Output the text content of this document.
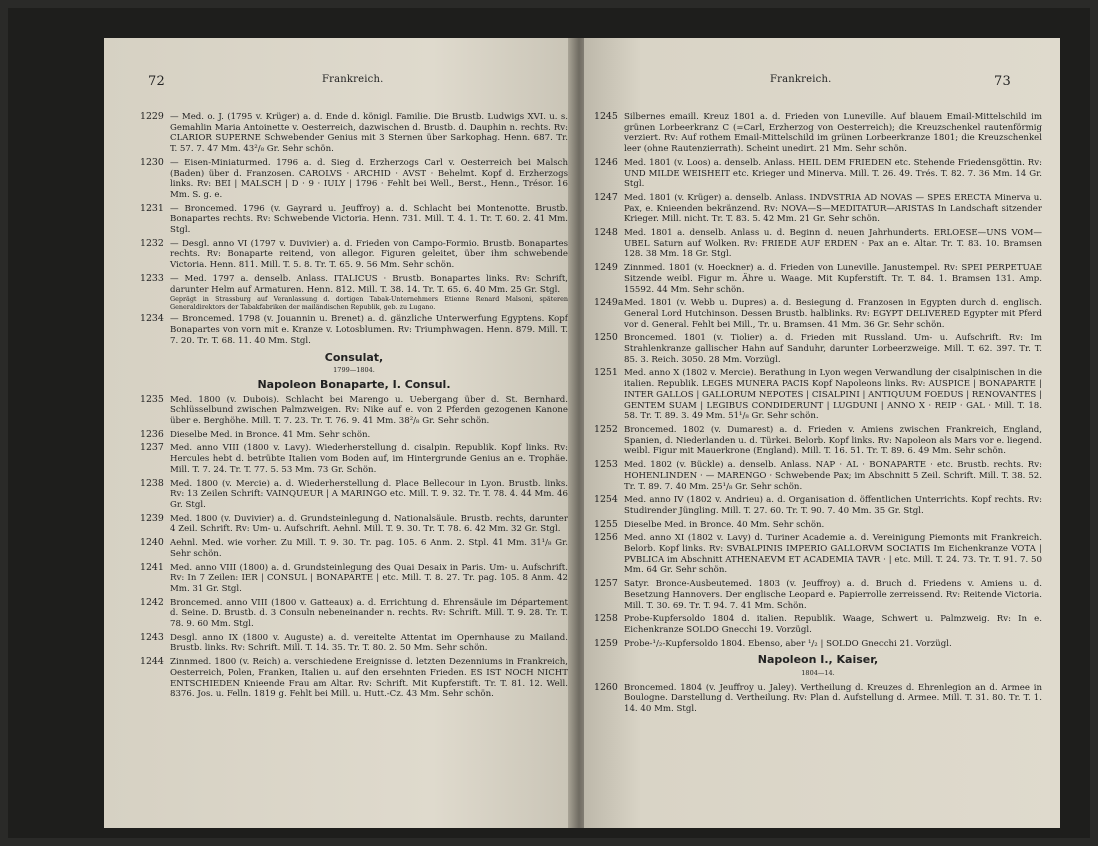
72	Frankreich.
1229 — Med. o. J. (1795 v. Krüger) a. d. Ende d. königl. Familie. Die Brustb. Ludwigs XVI. u. s. Gemahlin Maria Antoinette v. Oesterreich, dazwischen d. Brustb. d. Dauphin n. rechts. Rv: CLARIOR SUPERNE Schwebender Genius mit 3 Sternen über Sarkophag. Henn. 687. Tr. T. 57. 7. 47 Mm. 43²/₈ Gr. Sehr schön.
1230 — Eisen-Miniaturmed. 1796 a. d. Sieg d. Erzherzogs Carl v. Oesterreich bei Malsch (Baden) über d. Franzosen. CAROLVS · ARCHID · AVST · Behelmt. Kopf d. Erzherzogs links. Rv: BEI | MALSCH | D · 9 · IULY | 1796 · Fehlt bei Well., Berst., Henn., Trésor. 16 Mm. S. g. e.
1231 — Broncemed. 1796 (v. Gayrard u. Jeuffroy) a. d. Schlacht bei Montenotte. Brustb. Bonapartes rechts. Rv: Schwebende Victoria. Henn. 731. Mill. T. 4. 1. Tr. T. 60. 2. 41 Mm. Stgl.
1232 — Desgl. anno VI (1797 v. Duvivier) a. d. Frieden von Campo-Formio. Brustb. Bonapartes rechts. Rv: Bonaparte reitend, von allegor. Figuren geleitet, über ihm schwebende Victoria. Henn. 811. Mill. T. 5. 8. Tr. T. 65. 9. 56 Mm. Sehr schön.
1233 — Med. 1797 a. denselb. Anlass. ITALICUS · Brustb. Bonapartes links. Rv: Schrift, darunter Helm auf Armaturen. Henn. 812. Mill. T. 38. 14. Tr. T. 65. 6. 40 Mm. 25 Gr. Stgl.
Geprägt in Strassburg auf Veranlassung d. dortigen Tabak-Unternehmers Etienne Renard Malsoni, späteren Generaldirektors der Tabakfabriken der mailändischen Republik, geb. zu Lugano.
1234 — Broncemed. 1798 (v. Jouannin u. Brenet) a. d. gänzliche Unterwerfung Egyptens. Kopf Bonapartes von vorn mit e. Kranze v. Lotosblumen. Rv: Triumphwagen. Henn. 879. Mill. T. 7. 20. Tr. T. 68. 11. 40 Mm. Stgl.
Consulat,
1799—1804.
Napoleon Bonaparte, I. Consul.
1235 Med. 1800 (v. Dubois). Schlacht bei Marengo u. Uebergang über d. St. Bernhard. Schlüsselbund zwischen Palmzweigen. Rv: Nike auf e. von 2 Pferden gezogenen Kanone über e. Berghöhe. Mill. T. 7. 23. Tr. T. 76. 9. 41 Mm. 38²/₈ Gr. Sehr schön.
1236 Dieselbe Med. in Bronce. 41 Mm. Sehr schön.
1237 Med. anno VIII (1800 v. Lavy). Wiederherstellung d. cisalpin. Republik. Kopf links. Rv: Hercules hebt d. betrübte Italien vom Boden auf, im Hintergrunde Genius an e. Trophäe. Mill. T. 7. 24. Tr. T. 77. 5. 53 Mm. 73 Gr. Schön.
1238 Med. 1800 (v. Mercie) a. d. Wiederherstellung d. Place Bellecour in Lyon. Brustb. links. Rv: 13 Zeilen Schrift: VAINQUEUR | A MARINGO etc. Mill. T. 9. 32. Tr. T. 78. 4. 44 Mm. 46 Gr. Stgl.
1239 Med. 1800 (v. Duvivier) a. d. Grundsteinlegung d. Nationalsäule. Brustb. rechts, darunter 4 Zeil. Schrift. Rv: Um- u. Aufschrift. Aehnl. Mill. T. 9. 30. Tr. T. 78. 6. 42 Mm. 32 Gr. Stgl.
1240 Aehnl. Med. wie vorher. Zu Mill. T. 9. 30. Tr. pag. 105. 6 Anm. 2. Stpl. 41 Mm. 31¹/₈ Gr. Sehr schön.
1241 Med. anno VIII (1800) a. d. Grundsteinlegung des Quai Desaix in Paris. Um- u. Aufschrift. Rv: In 7 Zeilen: IER | CONSUL | BONAPARTE | etc. Mill. T. 8. 27. Tr. pag. 105. 8 Anm. 42 Mm. 31 Gr. Stgl.
1242 Broncemed. anno VIII (1800 v. Gatteaux) a. d. Errichtung d. Ehrensäule im Département d. Seine. D. Brustb. d. 3 Consuln nebeneinander n. rechts. Rv: Schrift. Mill. T. 9. 28. Tr. T. 78. 9. 60 Mm. Stgl.
1243 Desgl. anno IX (1800 v. Auguste) a. d. vereitelte Attentat im Opernhause zu Mailand. Brustb. links. Rv: Schrift. Mill. T. 14. 35. Tr. T. 80. 2. 50 Mm. Sehr schön.
1244 Zinnmed. 1800 (v. Reich) a. verschiedene Ereignisse d. letzten Dezenniums in Frankreich, Oesterreich, Polen, Franken, Italien u. auf den ersehnten Frieden. ES IST NOCH NICHT ENTSCHIEDEN Knieende Frau am Altar. Rv: Schrift. Mit Kupferstift. Tr. T. 81. 12. Well. 8376. Jos. u. Felln. 1819 g. Fehlt bei Mill. u. Hutt.-Cz. 43 Mm. Sehr schön.
Frankreich.	73
1245 Silbernes emaill. Kreuz 1801 a. d. Frieden von Luneville. Auf blauem Email-Mittelschild im grünen Lorbeerkranz C (=Carl, Erzherzog von Oesterreich); die Kreuzschenkel rautenförmig verziert. Rv: Auf rothem Email-Mittelschild im grünen Lorbeerkranze 1801; die Kreuzschenkel leer (ohne Rautenzierrath). Scheint unedirt. 21 Mm. Sehr schön.
1246 Med. 1801 (v. Loos) a. denselb. Anlass. HEIL DEM FRIEDEN etc. Stehende Friedensgöttin. Rv: UND MILDE WEISHEIT etc. Krieger und Minerva. Mill. T. 26. 49. Trés. T. 82. 7. 36 Mm. 14 Gr. Stgl.
1247 Med. 1801 (v. Krüger) a. denselb. Anlass. INDVSTRIA AD NOVAS — SPES ERECTA Minerva u. Pax, e. Knieenden bekränzend. Rv: NOVA—S—MEDITATUR—ARISTAS In Landschaft sitzender Krieger. Mill. nicht. Tr. T. 83. 5. 42 Mm. 21 Gr. Sehr schön.
1248 Med. 1801 a. denselb. Anlass u. d. Beginn d. neuen Jahrhunderts. ERLOESE—UNS VOM—UBEL Saturn auf Wolken. Rv: FRIEDE AUF ERDEN · Pax an e. Altar. Tr. T. 83. 10. Bramsen 128. 38 Mm. 18 Gr. Stgl.
1249 Zinnmed. 1801 (v. Hoeckner) a. d. Frieden von Luneville. Janustempel. Rv: SPEI PERPETUAE Sitzende weibl. Figur m. Ähre u. Waage. Mit Kupferstift. Tr. T. 84. 1. Bramsen 131. Amp. 15592. 44 Mm. Sehr schön.
1249a Med. 1801 (v. Webb u. Dupres) a. d. Besiegung d. Franzosen in Egypten durch d. englisch. General Lord Hutchinson. Dessen Brustb. halblinks. Rv: EGYPT DELIVERED Egypter mit Pferd vor d. General. Fehlt bei Mill., Tr. u. Bramsen. 41 Mm. 36 Gr. Sehr schön.
1250 Broncemed. 1801 (v. Tiolier) a. d. Frieden mit Russland. Um- u. Aufschrift. Rv: Im Strahlenkranze gallischer Hahn auf Sanduhr, darunter Lorbeerzweige. Mill. T. 62. 397. Tr. T. 85. 3. Reich. 3050. 28 Mm. Vorzügl.
1251 Med. anno X (1802 v. Mercie). Berathung in Lyon wegen Verwandlung der cisalpinischen in die italien. Republik. LEGES MUNERA PACIS Kopf Napoleons links. Rv: AUSPICE | BONAPARTE | INTER GALLOS | GALLORUM NEPOTES | CISALPINI | ANTIQUUM FOEDUS | RENOVANTES | GENTEM SUAM | LEGIBUS CONDIDERUNT | LUGDUNI | ANNO X · REIP · GAL · Mill. T. 18. 58. Tr. T. 89. 3. 49 Mm. 51¹/₈ Gr. Sehr schön.
1252 Broncemed. 1802 (v. Dumarest) a. d. Frieden v. Amiens zwischen Frankreich, England, Spanien, d. Niederlanden u. d. Türkei. Belorb. Kopf links. Rv: Napoleon als Mars vor e. liegend. weibl. Figur mit Mauerkrone (England). Mill. T. 16. 51. Tr. T. 89. 6. 49 Mm. Sehr schön.
1253 Med. 1802 (v. Bückle) a. denselb. Anlass. NAP · AL · BONAPARTE · etc. Brustb. rechts. Rv: HOHENLINDEN · — MARENGO · Schwebende Pax; im Abschnitt 5 Zeil. Schrift. Mill. T. 38. 52. Tr. T. 89. 7. 40 Mm. 25¹/₈ Gr. Sehr schön.
1254 Med. anno IV (1802 v. Andrieu) a. d. Organisation d. öffentlichen Unterrichts. Kopf rechts. Rv: Studirender Jüngling. Mill. T. 27. 60. Tr. T. 90. 7. 40 Mm. 35 Gr. Stgl.
1255 Dieselbe Med. in Bronce. 40 Mm. Sehr schön.
1256 Med. anno XI (1802 v. Lavy) d. Turiner Academie a. d. Vereinigung Piemonts mit Frankreich. Belorb. Kopf links. Rv: SVBALPINIS IMPERIO GALLORVM SOCIATIS Im Eichenkranze VOTA | PVBLICA im Abschnitt ATHENAEVM ET ACADEMIA TAVR · | etc. Mill. T. 24. 73. Tr. T. 91. 7. 50 Mm. 64 Gr. Sehr schön.
1257 Satyr. Bronce-Ausbeutemed. 1803 (v. Jeuffroy) a. d. Bruch d. Friedens v. Amiens u. d. Besetzung Hannovers. Der englische Leopard e. Papierrolle zerreissend. Rv: Reitende Victoria. Mill. T. 30. 69. Tr. T. 94. 7. 41 Mm. Schön.
1258 Probe-Kupfersoldo 1804 d. italien. Republik. Waage, Schwert u. Palmzweig. Rv: In e. Eichenkranze SOLDO Gnecchi 19. Vorzügl.
1259 Probe-¹/₂-Kupfersoldo 1804. Ebenso, aber ¹/₂ | SOLDO Gnecchi 21. Vorzügl.
Napoleon I., Kaiser,
1804—14.
1260 Broncemed. 1804 (v. Jeuffroy u. Jaley). Vertheilung d. Kreuzes d. Ehrenlegion an d. Armee in Boulogne. Darstellung d. Vertheilung. Rv: Plan d. Aufstellung d. Armee. Mill. T. 31. 80. Tr. T. 1. 14. 40 Mm. Stgl.
